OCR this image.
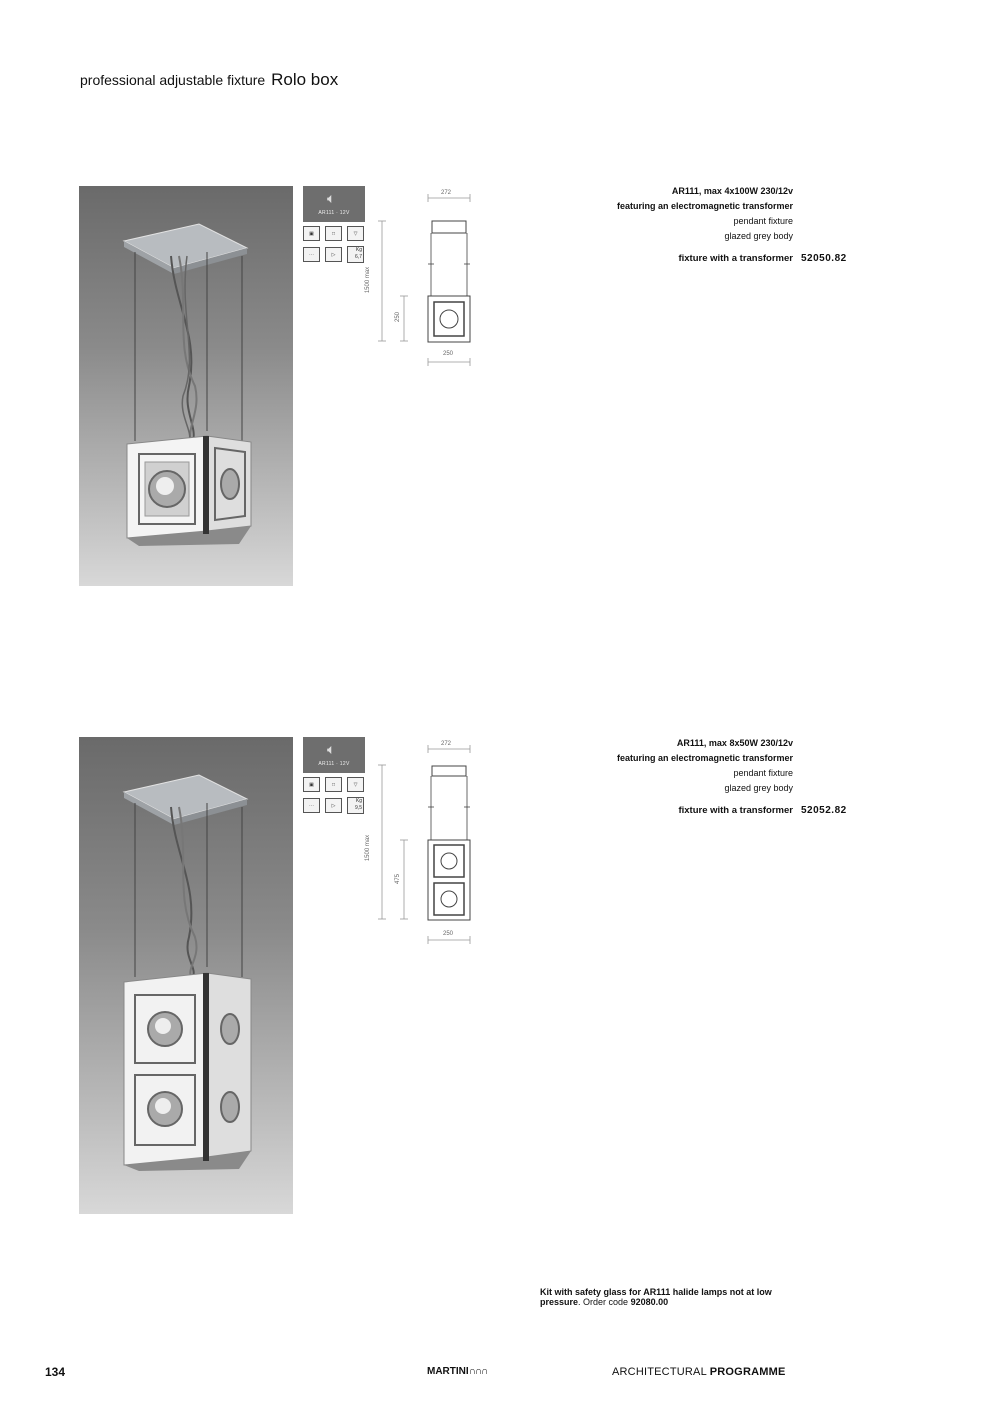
professional adjustable fixture Rolo box
🔈︎
AR111 · 12V
▣	□	▽
⋯	▷
Kg 6,7
272
1500 max
250
250
AR111, max 4x100W 230/12v
featuring an electromagnetic transformer
pendant fixture
glazed grey body
fixture with a transformer 52050.82
🔈︎
AR111 · 12V
▣	□	▽
⋯	▷
Kg 9,5
272
1500 max
475
250
AR111, max 8x50W 230/12v
featuring an electromagnetic transformer
pendant fixture
glazed grey body
fixture with a transformer 52052.82
Kit with safety glass for AR111 halide lamps not at low pressure. Order code 92080.00
134	MARTINI∩∩∩	ARCHITECTURAL PROGRAMME
